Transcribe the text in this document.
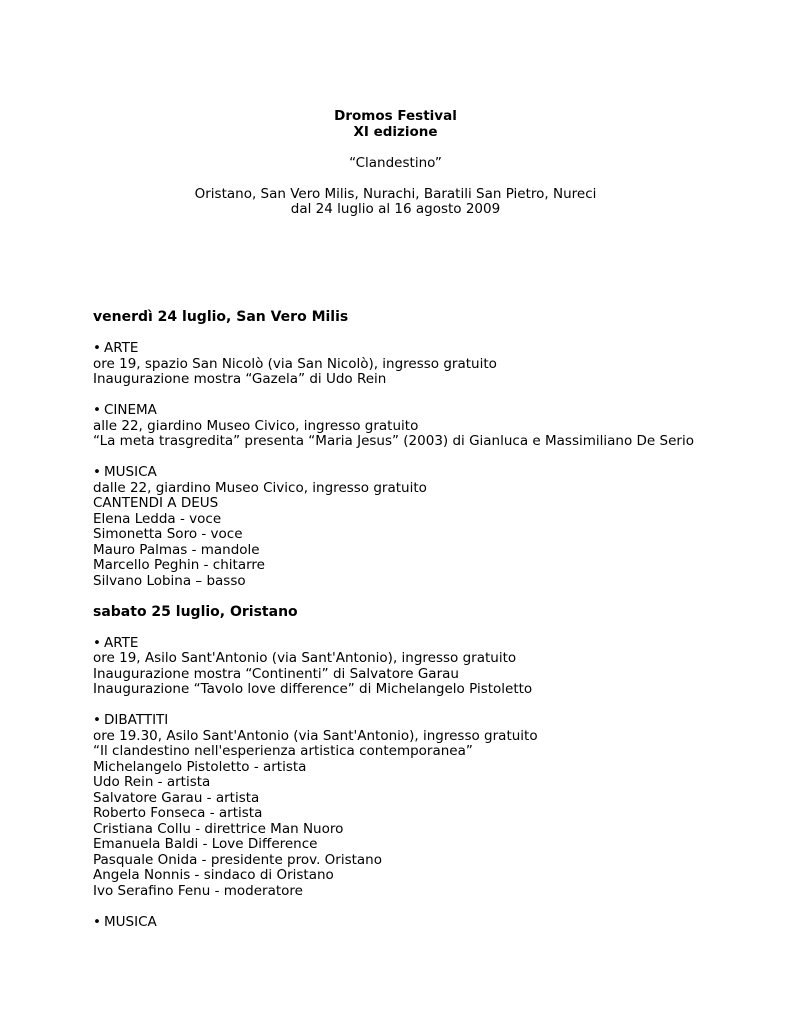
Dromos Festival
XI edizione
“Clandestino”
Oristano, San Vero Milis, Nurachi, Baratili San Pietro, Nureci
dal 24 luglio al 16 agosto 2009
venerdì 24 luglio, San Vero Milis
• ARTE
ore 19, spazio San Nicolò (via San Nicolò), ingresso gratuito
Inaugurazione mostra “Gazela” di Udo Rein
• CINEMA
alle 22, giardino Museo Civico, ingresso gratuito
“La meta trasgredita” presenta “Maria Jesus” (2003) di Gianluca e Massimiliano De Serio
• MUSICA
dalle 22, giardino Museo Civico, ingresso gratuito
CANTENDI A DEUS
Elena Ledda - voce
Simonetta Soro - voce
Mauro Palmas - mandole
Marcello Peghin - chitarre
Silvano Lobina – basso
sabato 25 luglio, Oristano
• ARTE
ore 19, Asilo Sant'Antonio (via Sant'Antonio), ingresso gratuito
Inaugurazione mostra “Continenti” di Salvatore Garau
Inaugurazione “Tavolo love difference” di Michelangelo Pistoletto
• DIBATTITI
ore 19.30, Asilo Sant'Antonio (via Sant'Antonio), ingresso gratuito
“Il clandestino nell'esperienza artistica contemporanea”
Michelangelo Pistoletto - artista
Udo Rein - artista
Salvatore Garau - artista
Roberto Fonseca - artista
Cristiana Collu - direttrice Man Nuoro
Emanuela Baldi - Love Difference
Pasquale Onida - presidente prov. Oristano
Angela Nonnis - sindaco di Oristano
Ivo Serafino Fenu - moderatore
• MUSICA
